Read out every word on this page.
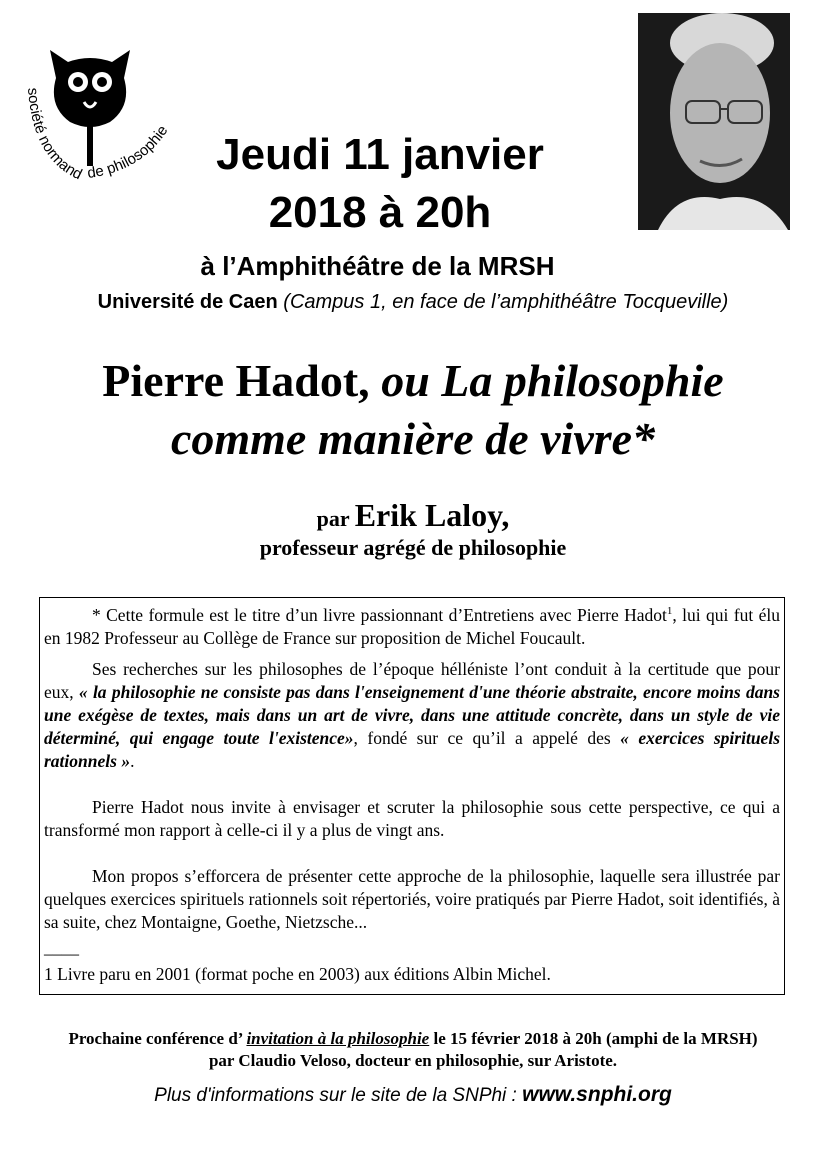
société normand de philosophie	Jeudi 11 janvier
2018 à 20h
à l’Amphithéâtre de la MRSH
Université de Caen (Campus 1, en face de l’amphithéâtre Tocqueville)
Pierre Hadot, ou La philosophie
comme manière de vivre*
par Erik Laloy,
professeur agrégé de philosophie

* Cette formule est le titre d’un livre passionnant d’Entretiens avec Pierre Hadot$^1$, lui qui fut élu en 1982 Professeur au Collège de France sur proposition de Michel Foucault.

Ses recherches sur les philosophes de l’époque hélléniste l’ont conduit à la certitude que pour eux, « la philosophie ne consiste pas dans l'enseignement d'une théorie abstraite, encore moins dans une exégèse de textes, mais dans un art de vivre, dans une attitude concrète, dans un style de vie déterminé, qui engage toute l'existence», fondé sur ce qu’il a appelé des « exercices spirituels rationnels ».

Pierre Hadot nous invite à envisager et scruter la philosophie sous cette perspective, ce qui a transformé mon rapport à celle-ci il y a plus de vingt ans.

Mon propos s’efforcera de présenter cette approche de la philosophie, laquelle sera illustrée par quelques exercices spirituels rationnels soit répertoriés, voire pratiqués par Pierre Hadot, soit identifiés, à sa suite, chez Montaigne, Goethe, Nietzsche...

____

1 Livre paru en 2001 (format poche en 2003) aux éditions Albin Michel.

Prochaine conférence d’ invitation à la philosophie le 15 février 2018 à 20h (amphi de la MRSH)
par Claudio Veloso, docteur en philosophie, sur Aristote.
Plus d'informations sur le site de la SNPhi : www.snphi.org
